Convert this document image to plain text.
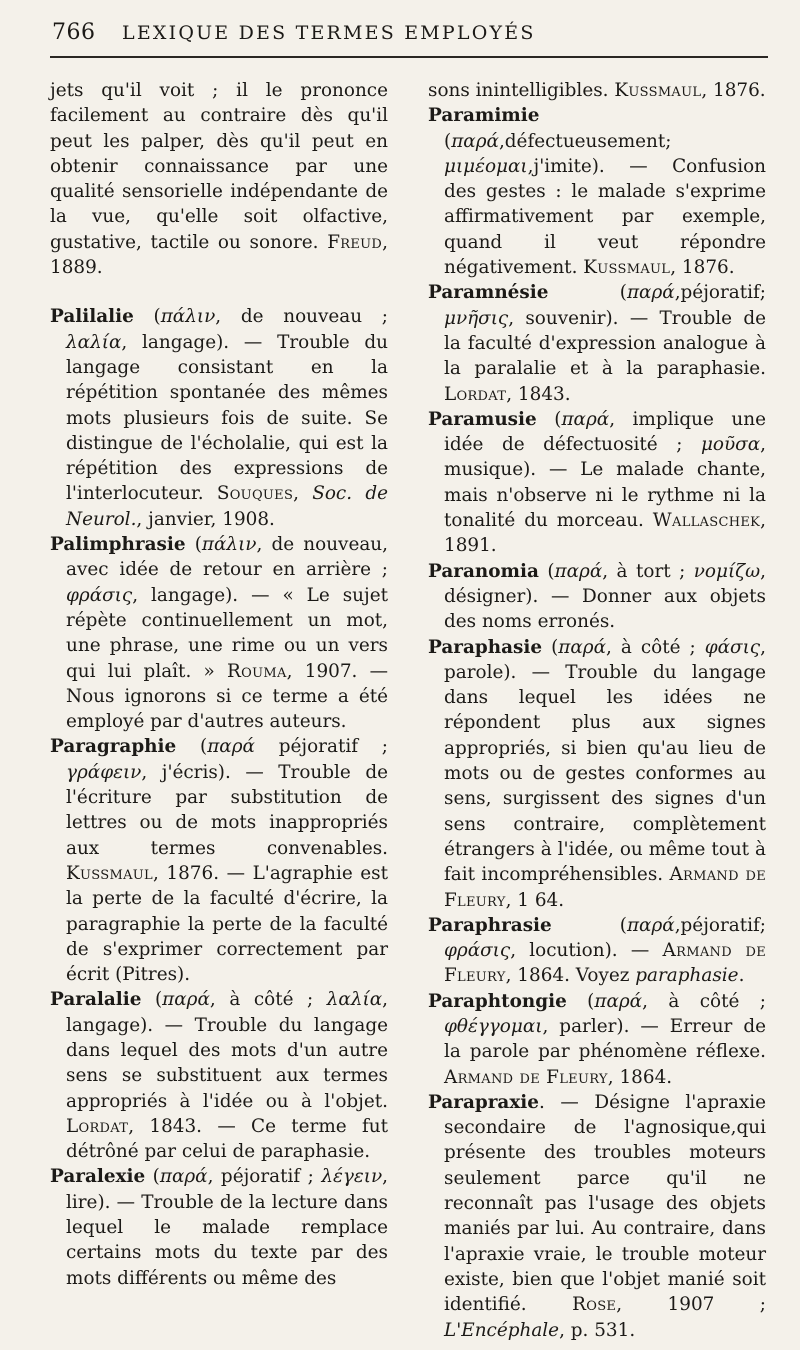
766 LEXIQUE DES TERMES EMPLOYÉS

jets qu'il voit ; il le prononce facilement au contraire dès qu'il peut les palper, dès qu'il peut en obtenir connaissance par une qualité sensorielle indépendante de la vue, qu'elle soit olfactive, gustative, tactile ou sonore. Freud, 1889.

Palilalie (πάλιν, de nouveau ; λαλία, langage). — Trouble du langage consistant en la répétition spontanée des mêmes mots plusieurs fois de suite. Se distingue de l'écholalie, qui est la répétition des expressions de l'interlocuteur. Souques, Soc. de Neurol., janvier, 1908.

Palimphrasie (πάλιν, de nouveau, avec idée de retour en arrière ; φράσις, langage). — « Le sujet répète continuellement un mot, une phrase, une rime ou un vers qui lui plaît. » Rouma, 1907. — Nous ignorons si ce terme a été employé par d'autres auteurs.

Paragraphie (παρά péjoratif ; γράφειν, j'écris). — Trouble de l'écriture par substitution de lettres ou de mots inappropriés aux termes convenables. Kussmaul, 1876. — L'agraphie est la perte de la faculté d'écrire, la paragraphie la perte de la faculté de s'exprimer correctement par écrit (Pitres).

Paralalie (παρά, à côté ; λαλία, langage). — Trouble du langage dans lequel des mots d'un autre sens se substituent aux termes appropriés à l'idée ou à l'objet. Lordat, 1843. — Ce terme fut détrôné par celui de paraphasie.

Paralexie (παρά, péjoratif ; λέγειν, lire). — Trouble de la lecture dans lequel le malade remplace certains mots du texte par des mots différents ou même des

sons inintelligibles. Kussmaul, 1876.

Paramimie (παρά,défectueusement; μιμέομαι,j'imite). — Confusion des gestes : le malade s'exprime affirmativement par exemple, quand il veut répondre négativement. Kussmaul, 1876.

Paramnésie (παρά,péjoratif; μνῆσις, souvenir). — Trouble de la faculté d'expression analogue à la paralalie et à la paraphasie. Lordat, 1843.

Paramusie (παρά, implique une idée de défectuosité ; μοῦσα, musique). — Le malade chante, mais n'observe ni le rythme ni la tonalité du morceau. Wallaschek, 1891.

Paranomia (παρά, à tort ; νομίζω, désigner). — Donner aux objets des noms erronés.

Paraphasie (παρά, à côté ; φάσις, parole). — Trouble du langage dans lequel les idées ne répondent plus aux signes appropriés, si bien qu'au lieu de mots ou de gestes conformes au sens, surgissent des signes d'un sens contraire, complètement étrangers à l'idée, ou même tout à fait incompréhensibles. Armand de Fleury, 1 64.

Paraphrasie (παρά,péjoratif; φράσις, locution). — Armand de Fleury, 1864. Voyez paraphasie.

Paraphtongie (παρά, à côté ; φθέγγομαι, parler). — Erreur de la parole par phénomène réflexe. Armand de Fleury, 1864.

Parapraxie. — Désigne l'apraxie secondaire de l'agnosique,qui présente des troubles moteurs seulement parce qu'il ne reconnaît pas l'usage des objets maniés par lui. Au contraire, dans l'apraxie vraie, le trouble moteur existe, bien que l'objet manié soit identifié. Rose, 1907 ; L'Encéphale, p. 531.
